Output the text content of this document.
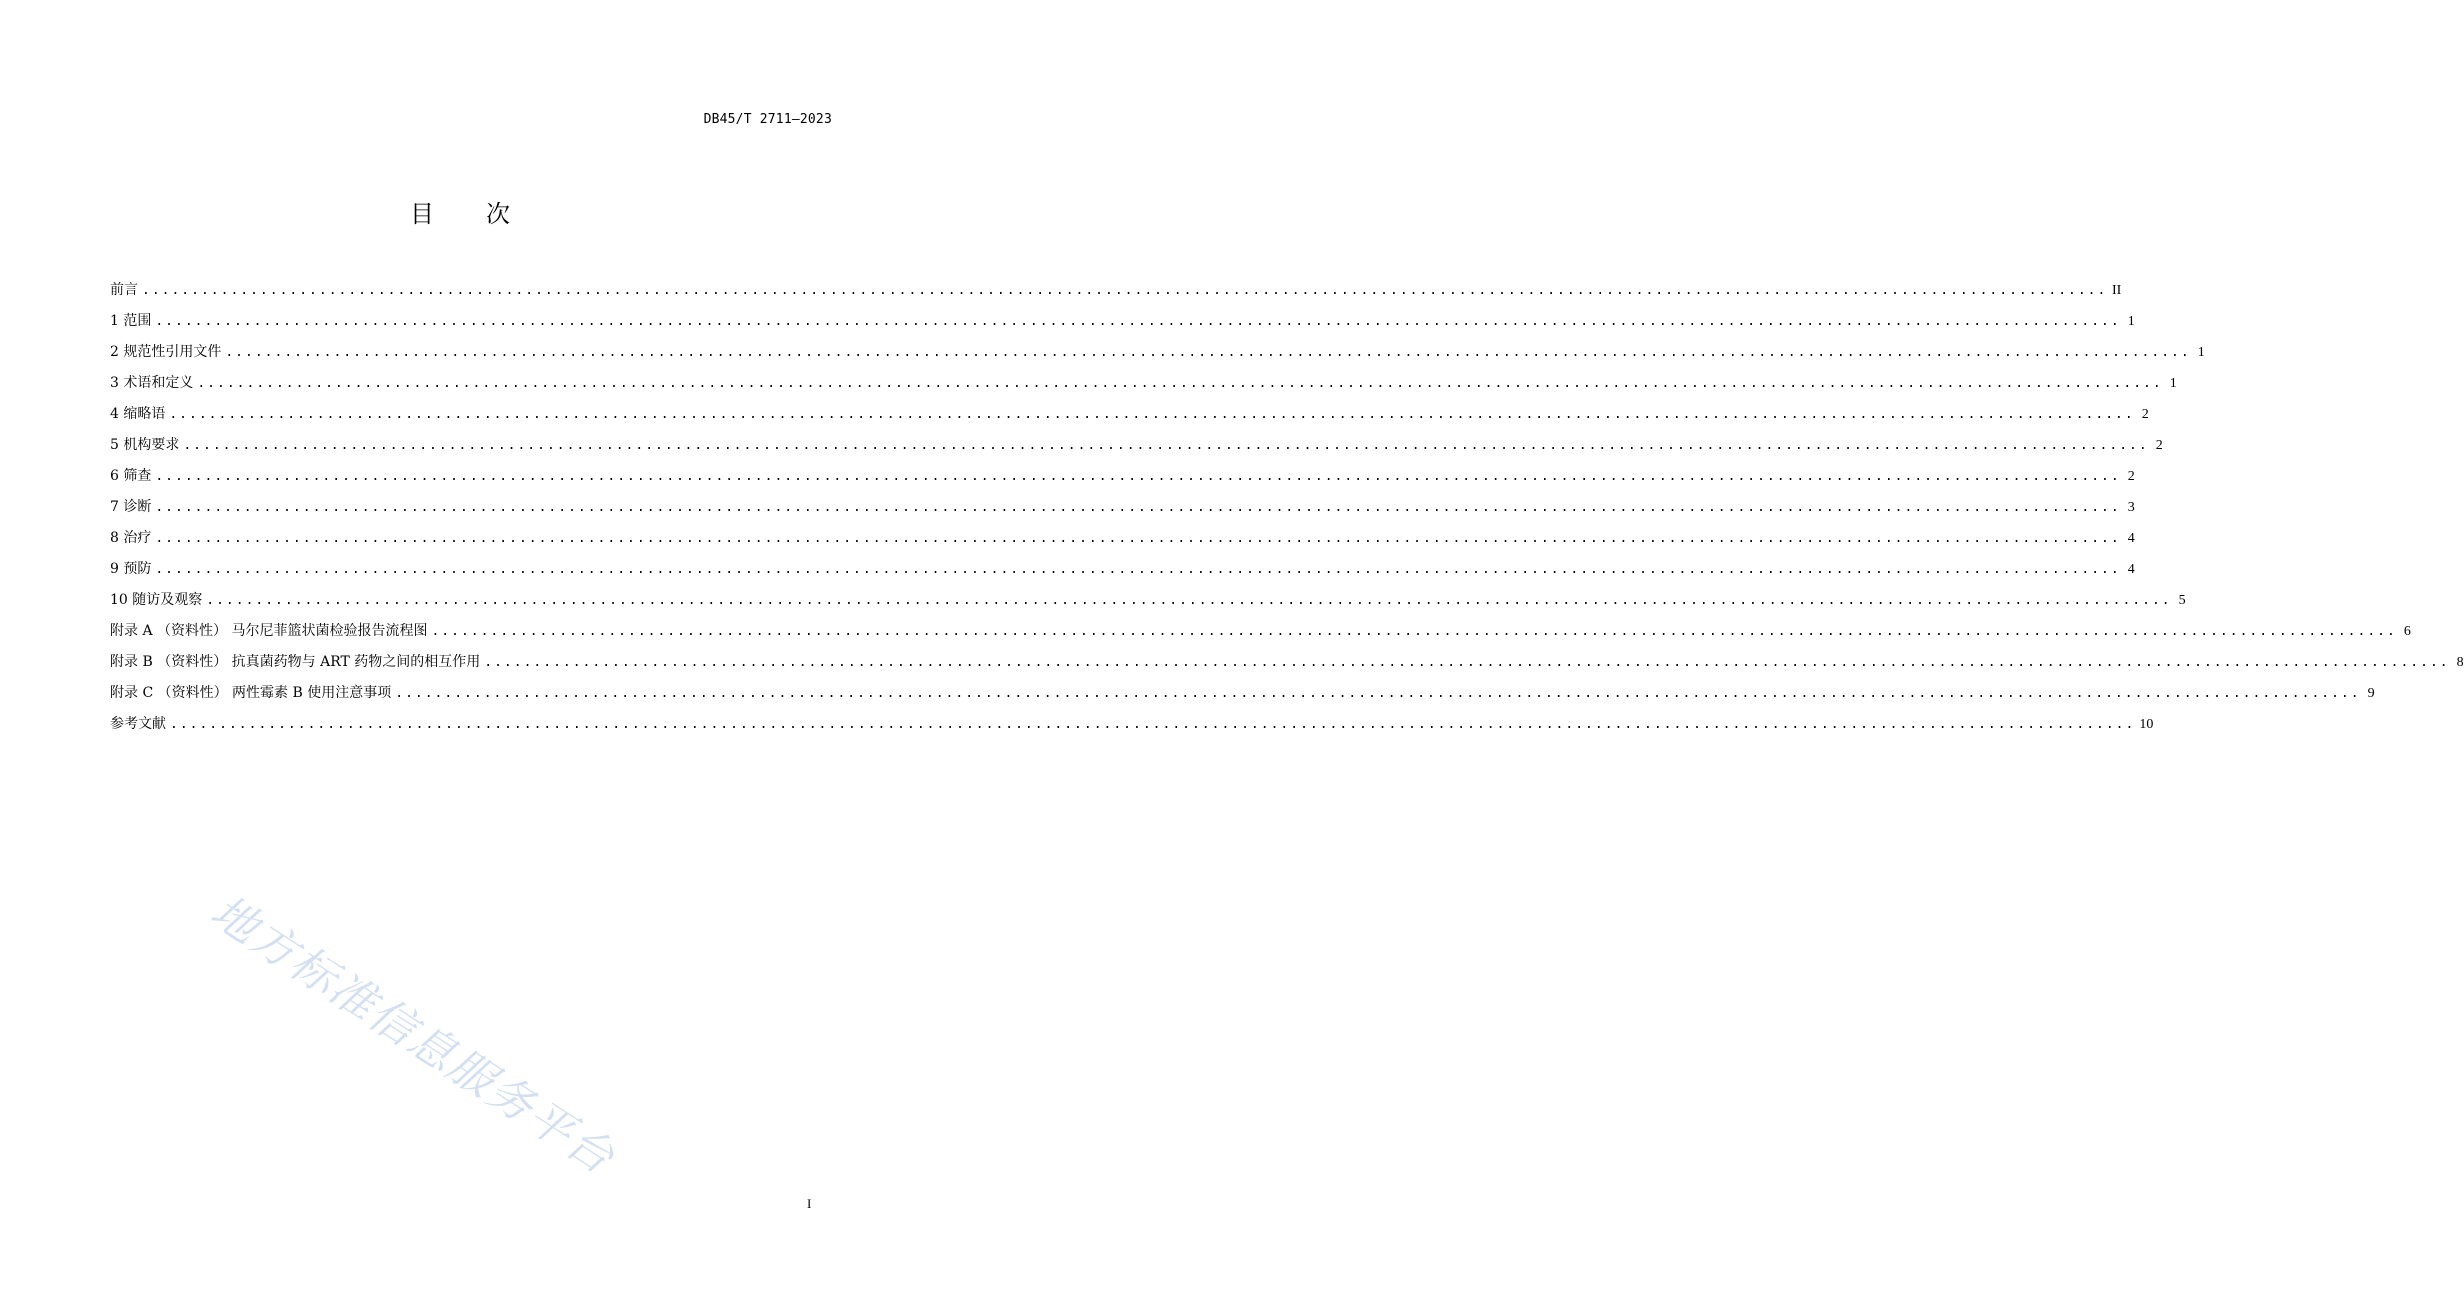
DB45/T 2711—2023
目 次
前言 ........................................................................................................................................................................................................ II
1 范围 ........................................................................................................................................................................................................ 1
2 规范性引用文件 ........................................................................................................................................................................................................ 1
3 术语和定义 ........................................................................................................................................................................................................ 1
4 缩略语 ........................................................................................................................................................................................................ 2
5 机构要求 ........................................................................................................................................................................................................ 2
6 筛查 ........................................................................................................................................................................................................ 2
7 诊断 ........................................................................................................................................................................................................ 3
8 治疗 ........................................................................................................................................................................................................ 4
9 预防 ........................................................................................................................................................................................................ 4
10 随访及观察 ........................................................................................................................................................................................................ 5
附录 A （资料性） 马尔尼菲篮状菌检验报告流程图 ........................................................................................................................................................................................................ 6
附录 B （资料性） 抗真菌药物与 ART 药物之间的相互作用 ........................................................................................................................................................................................................ 8
附录 C （资料性） 两性霉素 B 使用注意事项 ........................................................................................................................................................................................................ 9
参考文献 ........................................................................................................................................................................................................ 10
地方标准信息服务平台
I
